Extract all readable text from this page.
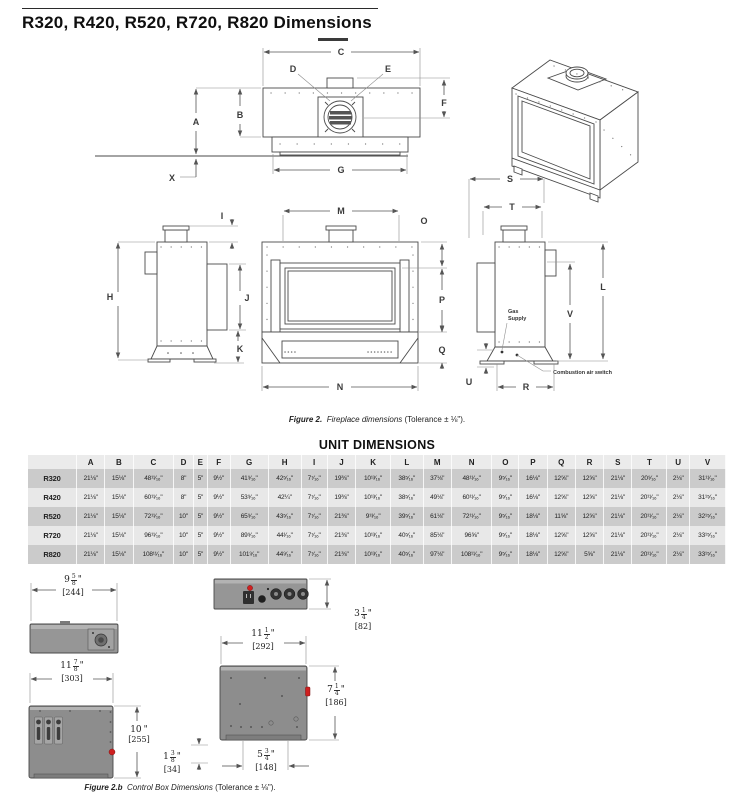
R320, R420, R520, R720, R820 Dimensions
C
A
B
F
G
X
D	E
H
I
J
K
M
N
O
P
Q
Gas
Supply
Combustion air switch
S
T
L
V
U	R
Figure 2. Fireplace dimensions (Tolerance ± ⅛").
UNIT DIMENSIONS
	A	B	C	D	E	F	G	H	I	J	K	L	M	N	O	P	Q	R	S	T	U	V
R320	21⅛"	15⅛"	48¹¹⁄₁₆"	8"	5"	9½"	41⁹⁄₁₆"	42⁵⁄₁₆"	7⁷⁄₁₆"	19⅜"	10¹³⁄₁₆"	38⁵⁄₁₆"	37⅛"	48¹¹⁄₁₆"	9⁵⁄₁₆"	16⅛"	12⅝"	12⅝"	21⅛"	20⁹⁄₁₆"	2⅛"	31¹¹⁄₁₆"
R420	21⅛"	15⅛"	60¹¹⁄₁₆"	8"	5"	9½"	53⁹⁄₁₆"	42¼"	7⁷⁄₁₆"	19⅜"	10¹³⁄₁₆"	38⁵⁄₁₆"	49⅛"	60¹¹⁄₁₆"	9⁵⁄₁₆"	16⅛"	12⅝"	12⅝"	21⅛"	20¹¹⁄₁₆"	2⅛"	31¹⁵⁄₁₆"
R520	21⅛"	15⅛"	72¹¹⁄₁₆"	10"	5"	9½"	65⁹⁄₁₆"	43⁵⁄₁₆"	7⁷⁄₁₆"	21⅜"	9¹³⁄₁₆"	39⁵⁄₁₆"	61⅛"	72¹¹⁄₁₆"	9⁵⁄₁₆"	18⅛"	11⅝"	12⅝"	21⅛"	20¹¹⁄₁₆"	2⅛"	32¹⁵⁄₁₆"
R720	21⅛"	15⅛"	96¹¹⁄₁₆"	10"	5"	9½"	89⁹⁄₁₆"	44¹⁄₁₆"	7⁷⁄₁₆"	21⅜"	10¹³⁄₁₆"	40⁵⁄₁₆"	85⅛"	96⅝"	9⁵⁄₁₆"	18⅛"	12⅝"	12⅝"	21⅛"	20¹¹⁄₁₆"	2⅛"	33¹⁵⁄₁₆"
R820	21⅛"	15⅛"	108¹¹⁄₁₆"	10"	5"	9½"	101⁹⁄₁₆"	44⁹⁄₁₆"	7⁷⁄₁₆"	21⅜"	10¹³⁄₁₆"	40⁵⁄₁₆"	97⅛"	108¹¹⁄₁₆"	9⁵⁄₁₆"	18⅛"	12⅝"	5⅝"	21⅛"	20¹¹⁄₁₆"	2⅛"	33¹⁵⁄₁₆"
$9 \frac{5}{8}$ "
[244]
$3 \frac{1}{4}$ "
[82]
$11 \frac{1}{2}$ "
[292]
$11 \frac{7}{8}$ "
[303]
$7 \frac{1}{4}$ "
[186]
10 "
[255]
$1 \frac{3}{8}$ "
[34]
$5 \frac{3}{4}$ "
[148]
Figure 2.b Control Box Dimensions (Tolerance ± ⅛").
